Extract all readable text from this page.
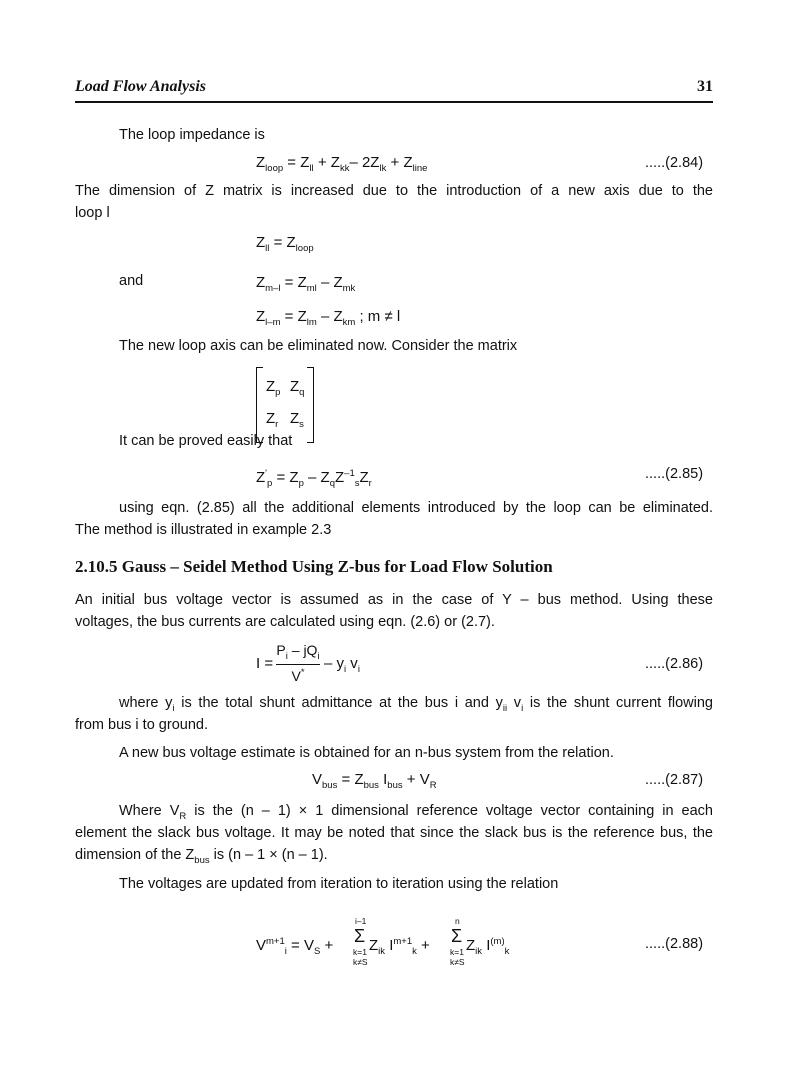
Load Flow Analysis	31
The loop impedance is
$Z_{loop} = Z_{ll} + Z_{kk}-$ $2Z_{lk} + Z_{line}$	.....(2.84)
The dimension of Z matrix is increased due to the introduction of a new axis due to the
loop l
$Z_{ll} = Z_{loop}$
and	$Z_{m-l} = Z_{ml} - Z_{mk}$
$Z_{l-m} = Z_{lm} - Z_{km}$ ; m ≠ l
The new loop axis can be eliminated now. Consider the matrix
$Z_p$ $Z_q$
$Z_r$ $Z_s$
It can be proved easily that
$Z'_p = Z_p - Z_qZ^{-1}_sZ_r$
.....(2.85)
using eqn. (2.85) all the additional elements introduced by the loop can be eliminated.
The method is illustrated in example 2.3
2.10.5 Gauss – Seidel Method Using Z-bus for Load Flow Solution
An initial bus voltage vector is assumed as in the case of Y – bus method. Using these
voltages, the bus currents are calculated using eqn. (2.6) or (2.7).
I =
$P_i - jQ_i$
V*
– $y_i$ $v_i$	.....(2.86)
where $y_i$ is the total shunt admittance at the bus i and $y_{ii}$ $v_i$ is the shunt current flowing
from bus i to ground.
A new bus voltage estimate is obtained for an n-bus system from the relation.
$V_{bus} = Z_{bus}$ $I_{bus} + V_R$	.....(2.87)
Where $V_R$ is the (n – 1) × 1 dimensional reference voltage vector containing in each
element the slack bus voltage. It may be noted that since the slack bus is the reference bus, the
dimension of the $Z_{bus}$ is (n – 1 × (n – 1).
The voltages are updated from iteration to iteration using the relation
$V^{m+1}_i = V_S$ +
i–1
Σ
k=1
k≠S
$Z_{ik}$ $I^{m+1}_k$ +
n
Σ
k=1
k≠S
$Z_{ik}$ $I^{(m)}_k$	.....(2.88)
